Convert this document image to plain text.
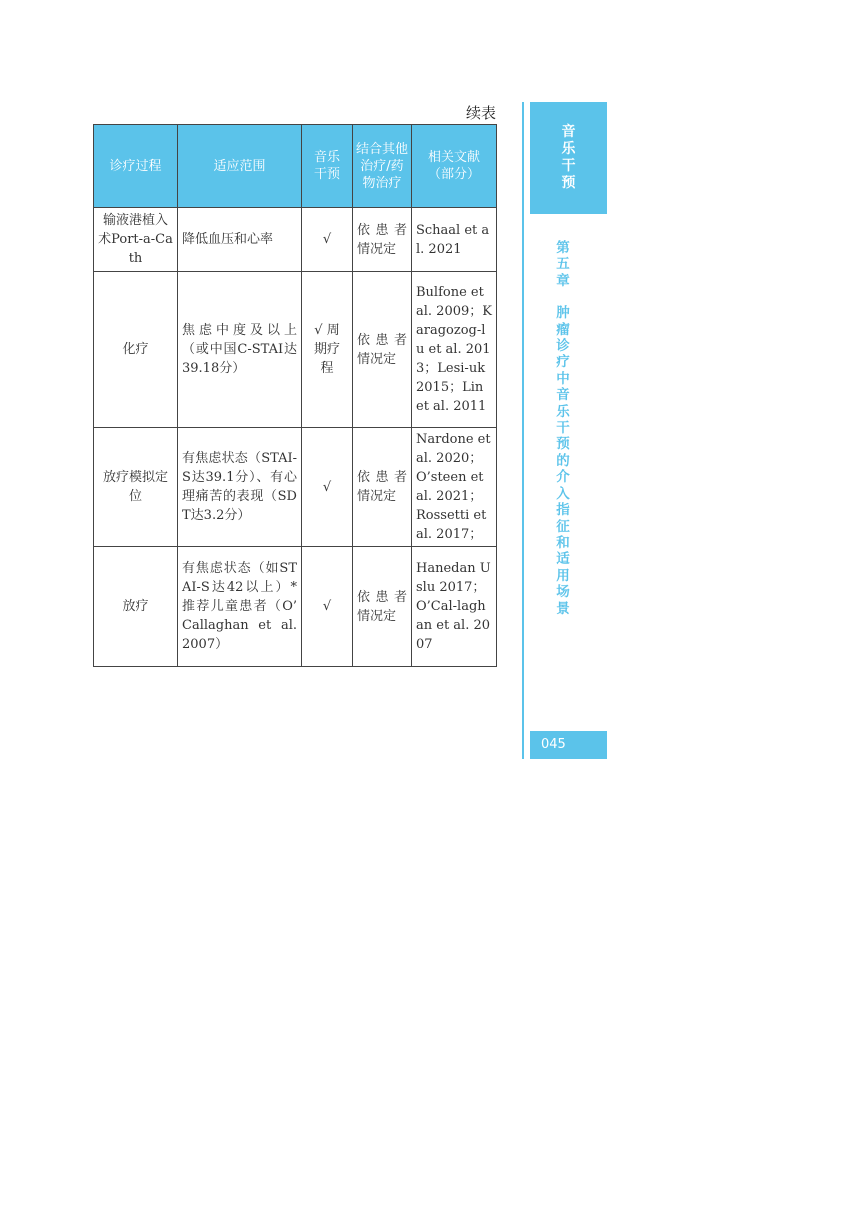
续表
诊疗过程	适应范围	音乐干预	结合其他治疗/药物治疗	相关文献（部分）
输液港植入术Port-a-Cath	降低血压和心率	√	依患者情况定	Schaal et al. 2021
化疗	焦虑中度及以上（或中国C-STAI达39.18分）	√ 周期疗程	依患者情况定	Bulfone et al. 2009；Karagozog-lu et al. 2013；Lesi-uk 2015；Lin et al. 2011
放疗模拟定位	有焦虑状态（STAI-S达39.1分）、有心理痛苦的表现（SDT达3.2分）	√	依患者情况定	Nardone et al. 2020；O’steen et al. 2021；Rossetti et al. 2017；
放疗	有焦虑状态（如STAI-S达42以上）*推荐儿童患者（O’ Callaghan et al. 2007）	√	依患者情况定	Hanedan Uslu 2017；O’Cal-laghan et al. 2007
音乐干预
第五章
肿瘤诊疗中音乐干预的介入指征和适用场景
045
